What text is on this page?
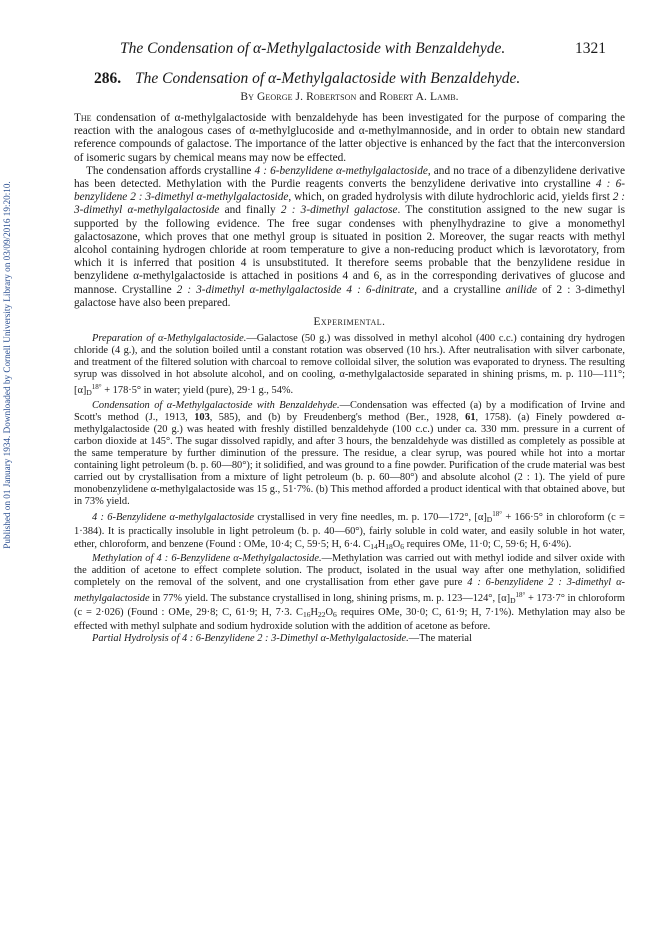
The Condensation of α-Methylgalactoside with Benzaldehyde.	1321
Published on 01 January 1934. Downloaded by Cornell University Library on 03/09/2016 19:20:10.
286. The Condensation of α-Methylgalactoside with Benzaldehyde.
By George J. Robertson and Robert A. Lamb.

The condensation of α-methylgalactoside with benzaldehyde has been investigated for the purpose of comparing the reaction with the analogous cases of α-methylglucoside and α-methylmannoside, and in order to obtain new standard reference compounds of galactose. The importance of the latter objective is enhanced by the fact that the interconversion of isomeric sugars by chemical means may now be effected.

The condensation affords crystalline 4 : 6-benzylidene α-methylgalactoside, and no trace of a dibenzylidene derivative has been detected. Methylation with the Purdie reagents converts the benzylidene derivative into crystalline 4 : 6-benzylidene 2 : 3-dimethyl α-methylgalactoside, which, on graded hydrolysis with dilute hydrochloric acid, yields first 2 : 3-dimethyl α-methylgalactoside and finally 2 : 3-dimethyl galactose. The constitution assigned to the new sugar is supported by the following evidence. The free sugar condenses with phenylhydrazine to give a monomethyl galactosazone, which proves that one methyl group is situated in position 2. Moreover, the sugar reacts with methyl alcohol containing hydrogen chloride at room temperature to give a non-reducing product which is lævorotatory, from which it is inferred that position 4 is unsubstituted. It therefore seems probable that the benzylidene residue in benzylidene α-methylgalactoside is attached in positions 4 and 6, as in the corresponding derivatives of glucose and mannose. Crystalline 2 : 3-dimethyl α-methylgalactoside 4 : 6-dinitrate, and a crystalline anilide of 2 : 3-dimethyl galactose have also been prepared.

Experimental.

Preparation of α-Methylgalactoside.—Galactose (50 g.) was dissolved in methyl alcohol (400 c.c.) containing dry hydrogen chloride (4 g.), and the solution boiled until a constant rotation was observed (10 hrs.). After neutralisation with silver carbonate, and treatment of the filtered solution with charcoal to remove colloidal silver, the solution was evaporated to dryness. The resulting syrup was dissolved in hot absolute alcohol, and on cooling, α-methylgalactoside separated in shining prisms, m. p. 110—111°; $[\alpha]_D^{18^\circ} + 178\cdot 5^\circ$ in water; yield (pure), 29·1 g., 54%.

Condensation of α-Methylgalactoside with Benzaldehyde.—Condensation was effected (a) by a modification of Irvine and Scott's method (J., 1913, 103, 585), and (b) by Freudenberg's method (Ber., 1928, 61, 1758). (a) Finely powdered α-methylgalactoside (20 g.) was heated with freshly distilled benzaldehyde (100 c.c.) under ca. 330 mm. pressure in a current of carbon dioxide at 145°. The sugar dissolved rapidly, and after 3 hours, the benzaldehyde was distilled as completely as possible at the same temperature by further diminution of the pressure. The residue, a clear syrup, was poured while hot into a mortar containing light petroleum (b. p. 60—80°); it solidified, and was ground to a fine powder. Purification of the crude material was best carried out by crystallisation from a mixture of light petroleum (b. p. 60—80°) and absolute alcohol (2 : 1). The yield of pure monobenzylidene α-methylgalactoside was 15 g., 51·7%. (b) This method afforded a product identical with that obtained above, but in 73% yield.

4 : 6-Benzylidene α-methylgalactoside crystallised in very fine needles, m. p. 170—172°, $[\alpha]_D^{18^\circ} + 166\cdot 5^\circ$ in chloroform (c = 1·384). It is practically insoluble in light petroleum (b. p. 40—60°), fairly soluble in cold water, and easily soluble in hot water, ether, chloroform, and benzene (Found : OMe, 10·4; C, 59·5; H, 6·4. $C_{14}H_{18}O_6$ requires OMe, 11·0; C, 59·6; H, 6·4%).

Methylation of 4 : 6-Benzylidene α-Methylgalactoside.—Methylation was carried out with methyl iodide and silver oxide with the addition of acetone to effect complete solution. The product, isolated in the usual way after one methylation, solidified completely on the removal of the solvent, and one crystallisation from ether gave pure 4 : 6-benzylidene 2 : 3-dimethyl α-methylgalactoside in 77% yield. The substance crystallised in long, shining prisms, m. p. 123—124°, $[\alpha]_D^{18^\circ} + 173\cdot 7^\circ$ in chloroform (c = 2·026) (Found : OMe, 29·8; C, 61·9; H, 7·3. $C_{16}H_{22}O_6$ requires OMe, 30·0; C, 61·9; H, 7·1%). Methylation may also be effected with methyl sulphate and sodium hydroxide solution with the addition of acetone as before.

Partial Hydrolysis of 4 : 6-Benzylidene 2 : 3-Dimethyl α-Methylgalactoside.—The material
